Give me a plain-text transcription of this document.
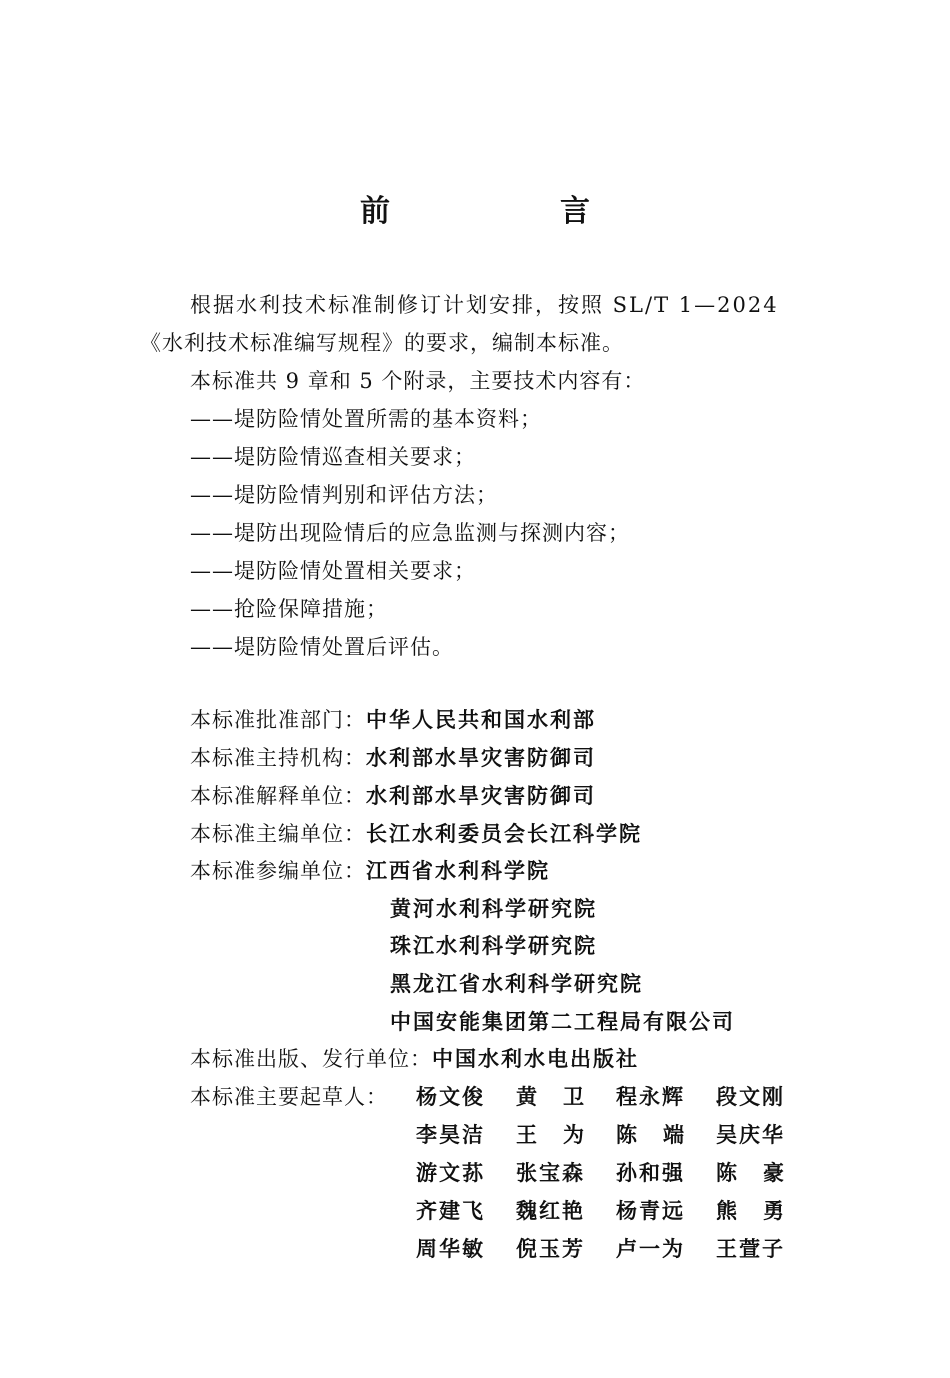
前　言
根据水利技术标准制修订计划安排，按照 SL/T 1—2024
《水利技术标准编写规程》的要求，编制本标准。
本标准共 9 章和 5 个附录，主要技术内容有：
——堤防险情处置所需的基本资料；
——堤防险情巡查相关要求；
——堤防险情判别和评估方法；
——堤防出现险情后的应急监测与探测内容；
——堤防险情处置相关要求；
——抢险保障措施；
——堤防险情处置后评估。
本标准批准部门：中华人民共和国水利部
本标准主持机构：水利部水旱灾害防御司
本标准解释单位：水利部水旱灾害防御司
本标准主编单位：长江水利委员会长江科学院
本标准参编单位：江西省水利科学院
黄河水利科学研究院
珠江水利科学研究院
黑龙江省水利科学研究院
中国安能集团第二工程局有限公司
本标准出版、发行单位：中国水利水电出版社
本标准主要起草人： 杨文俊 黄卫 程永辉 段文刚
李昊洁 王为 陈端 吴庆华
游文荪 张宝森 孙和强 陈豪
齐建飞 魏红艳 杨青远 熊勇
周华敏 倪玉芳 卢一为 王萱子
